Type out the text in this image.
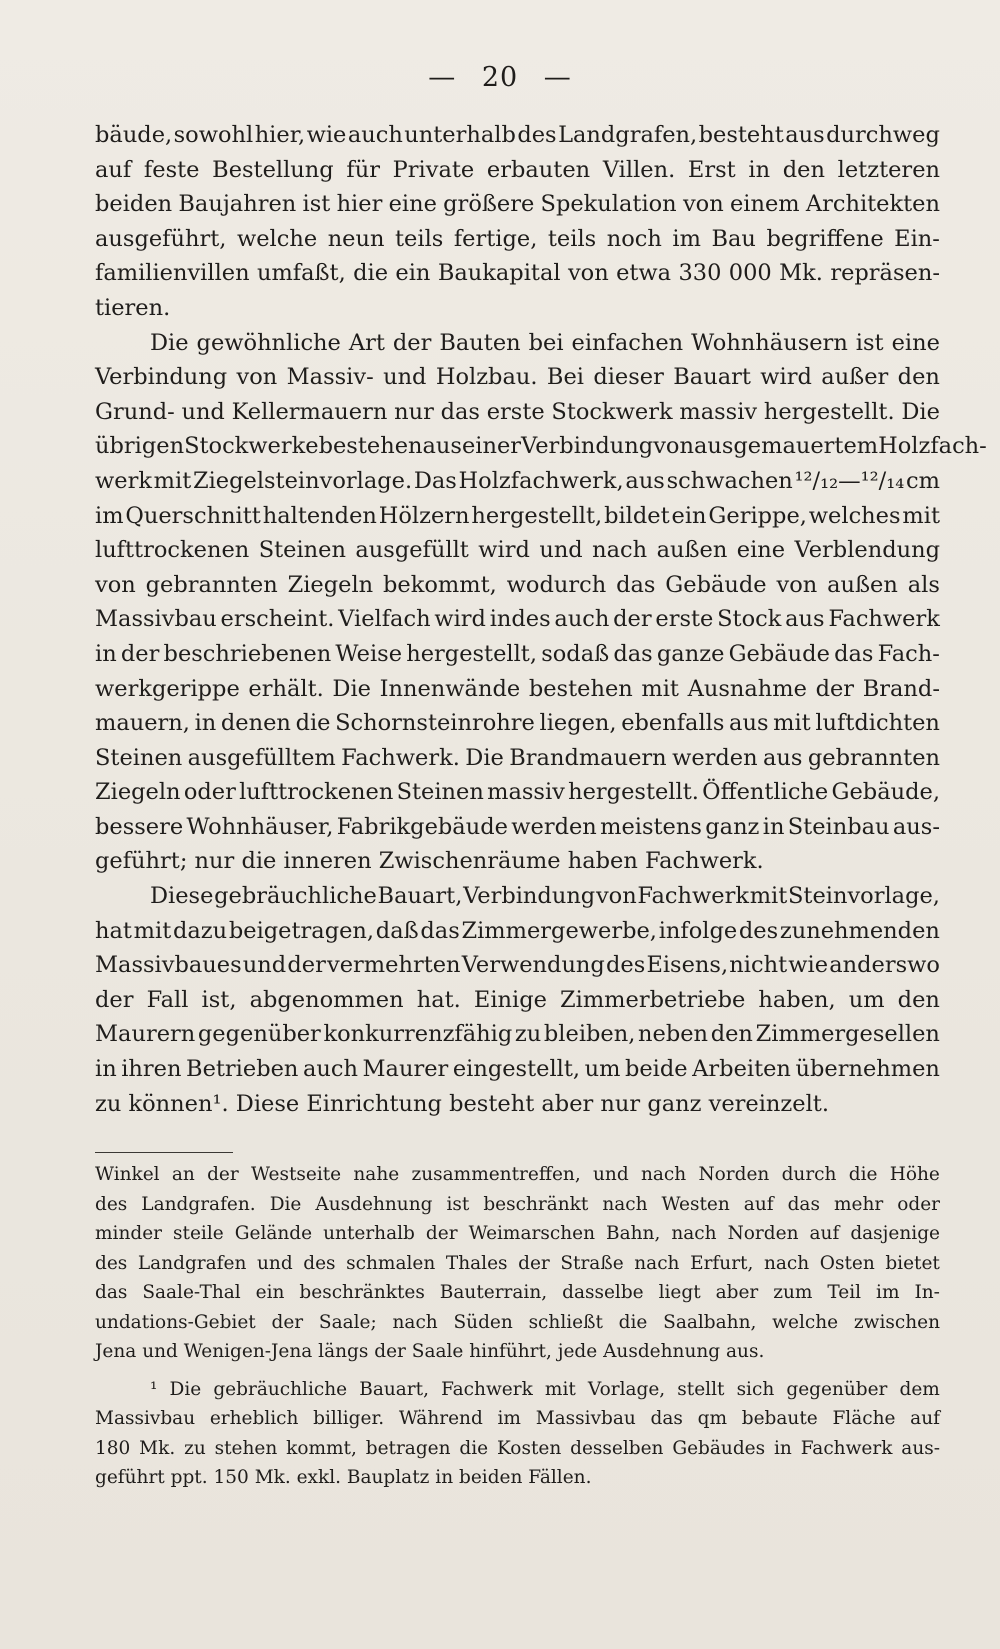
— 20 —
bäude, sowohl hier, wie auch unterhalb des Landgrafen, besteht aus durchweg
auf feste Bestellung für Private erbauten Villen. Erst in den letzteren
beiden Baujahren ist hier eine größere Spekulation von einem Architekten
ausgeführt, welche neun teils fertige, teils noch im Bau begriffene Ein-
familienvillen umfaßt, die ein Baukapital von etwa 330 000 Mk. repräsen-
tieren.
Die gewöhnliche Art der Bauten bei einfachen Wohnhäusern ist eine
Verbindung von Massiv- und Holzbau. Bei dieser Bauart wird außer den
Grund- und Kellermauern nur das erste Stockwerk massiv hergestellt. Die
übrigen Stockwerke bestehen aus einer Verbindung von ausgemauertem Holzfach-
werk mit Ziegelsteinvorlage. Das Holzfachwerk, aus schwachen ¹²/₁₂—¹²/₁₄ cm
im Querschnitt haltenden Hölzern hergestellt, bildet ein Gerippe, welches mit
lufttrockenen Steinen ausgefüllt wird und nach außen eine Verblendung
von gebrannten Ziegeln bekommt, wodurch das Gebäude von außen als
Massivbau erscheint. Vielfach wird indes auch der erste Stock aus Fachwerk
in der beschriebenen Weise hergestellt, sodaß das ganze Gebäude das Fach-
werkgerippe erhält. Die Innenwände bestehen mit Ausnahme der Brand-
mauern, in denen die Schornsteinrohre liegen, ebenfalls aus mit luftdichten
Steinen ausgefülltem Fachwerk. Die Brandmauern werden aus gebrannten
Ziegeln oder lufttrockenen Steinen massiv hergestellt. Öffentliche Gebäude,
bessere Wohnhäuser, Fabrikgebäude werden meistens ganz in Steinbau aus-
geführt; nur die inneren Zwischenräume haben Fachwerk.
Diese gebräuchliche Bauart, Verbindung von Fachwerk mit Steinvorlage,
hat mit dazu beigetragen, daß das Zimmergewerbe, infolge des zunehmenden
Massivbaues und der vermehrten Verwendung des Eisens, nicht wie anderswo
der Fall ist, abgenommen hat. Einige Zimmerbetriebe haben, um den
Maurern gegenüber konkurrenzfähig zu bleiben, neben den Zimmergesellen
in ihren Betrieben auch Maurer eingestellt, um beide Arbeiten übernehmen
zu können¹. Diese Einrichtung besteht aber nur ganz vereinzelt.
Winkel an der Westseite nahe zusammentreffen, und nach Norden durch die Höhe
des Landgrafen. Die Ausdehnung ist beschränkt nach Westen auf das mehr oder
minder steile Gelände unterhalb der Weimarschen Bahn, nach Norden auf dasjenige
des Landgrafen und des schmalen Thales der Straße nach Erfurt, nach Osten bietet
das Saale-Thal ein beschränktes Bauterrain, dasselbe liegt aber zum Teil im In-
undations-Gebiet der Saale; nach Süden schließt die Saalbahn, welche zwischen
Jena und Wenigen-Jena längs der Saale hinführt, jede Ausdehnung aus.
¹ Die gebräuchliche Bauart, Fachwerk mit Vorlage, stellt sich gegenüber dem
Massivbau erheblich billiger. Während im Massivbau das qm bebaute Fläche auf
180 Mk. zu stehen kommt, betragen die Kosten desselben Gebäudes in Fachwerk aus-
geführt ppt. 150 Mk. exkl. Bauplatz in beiden Fällen.
